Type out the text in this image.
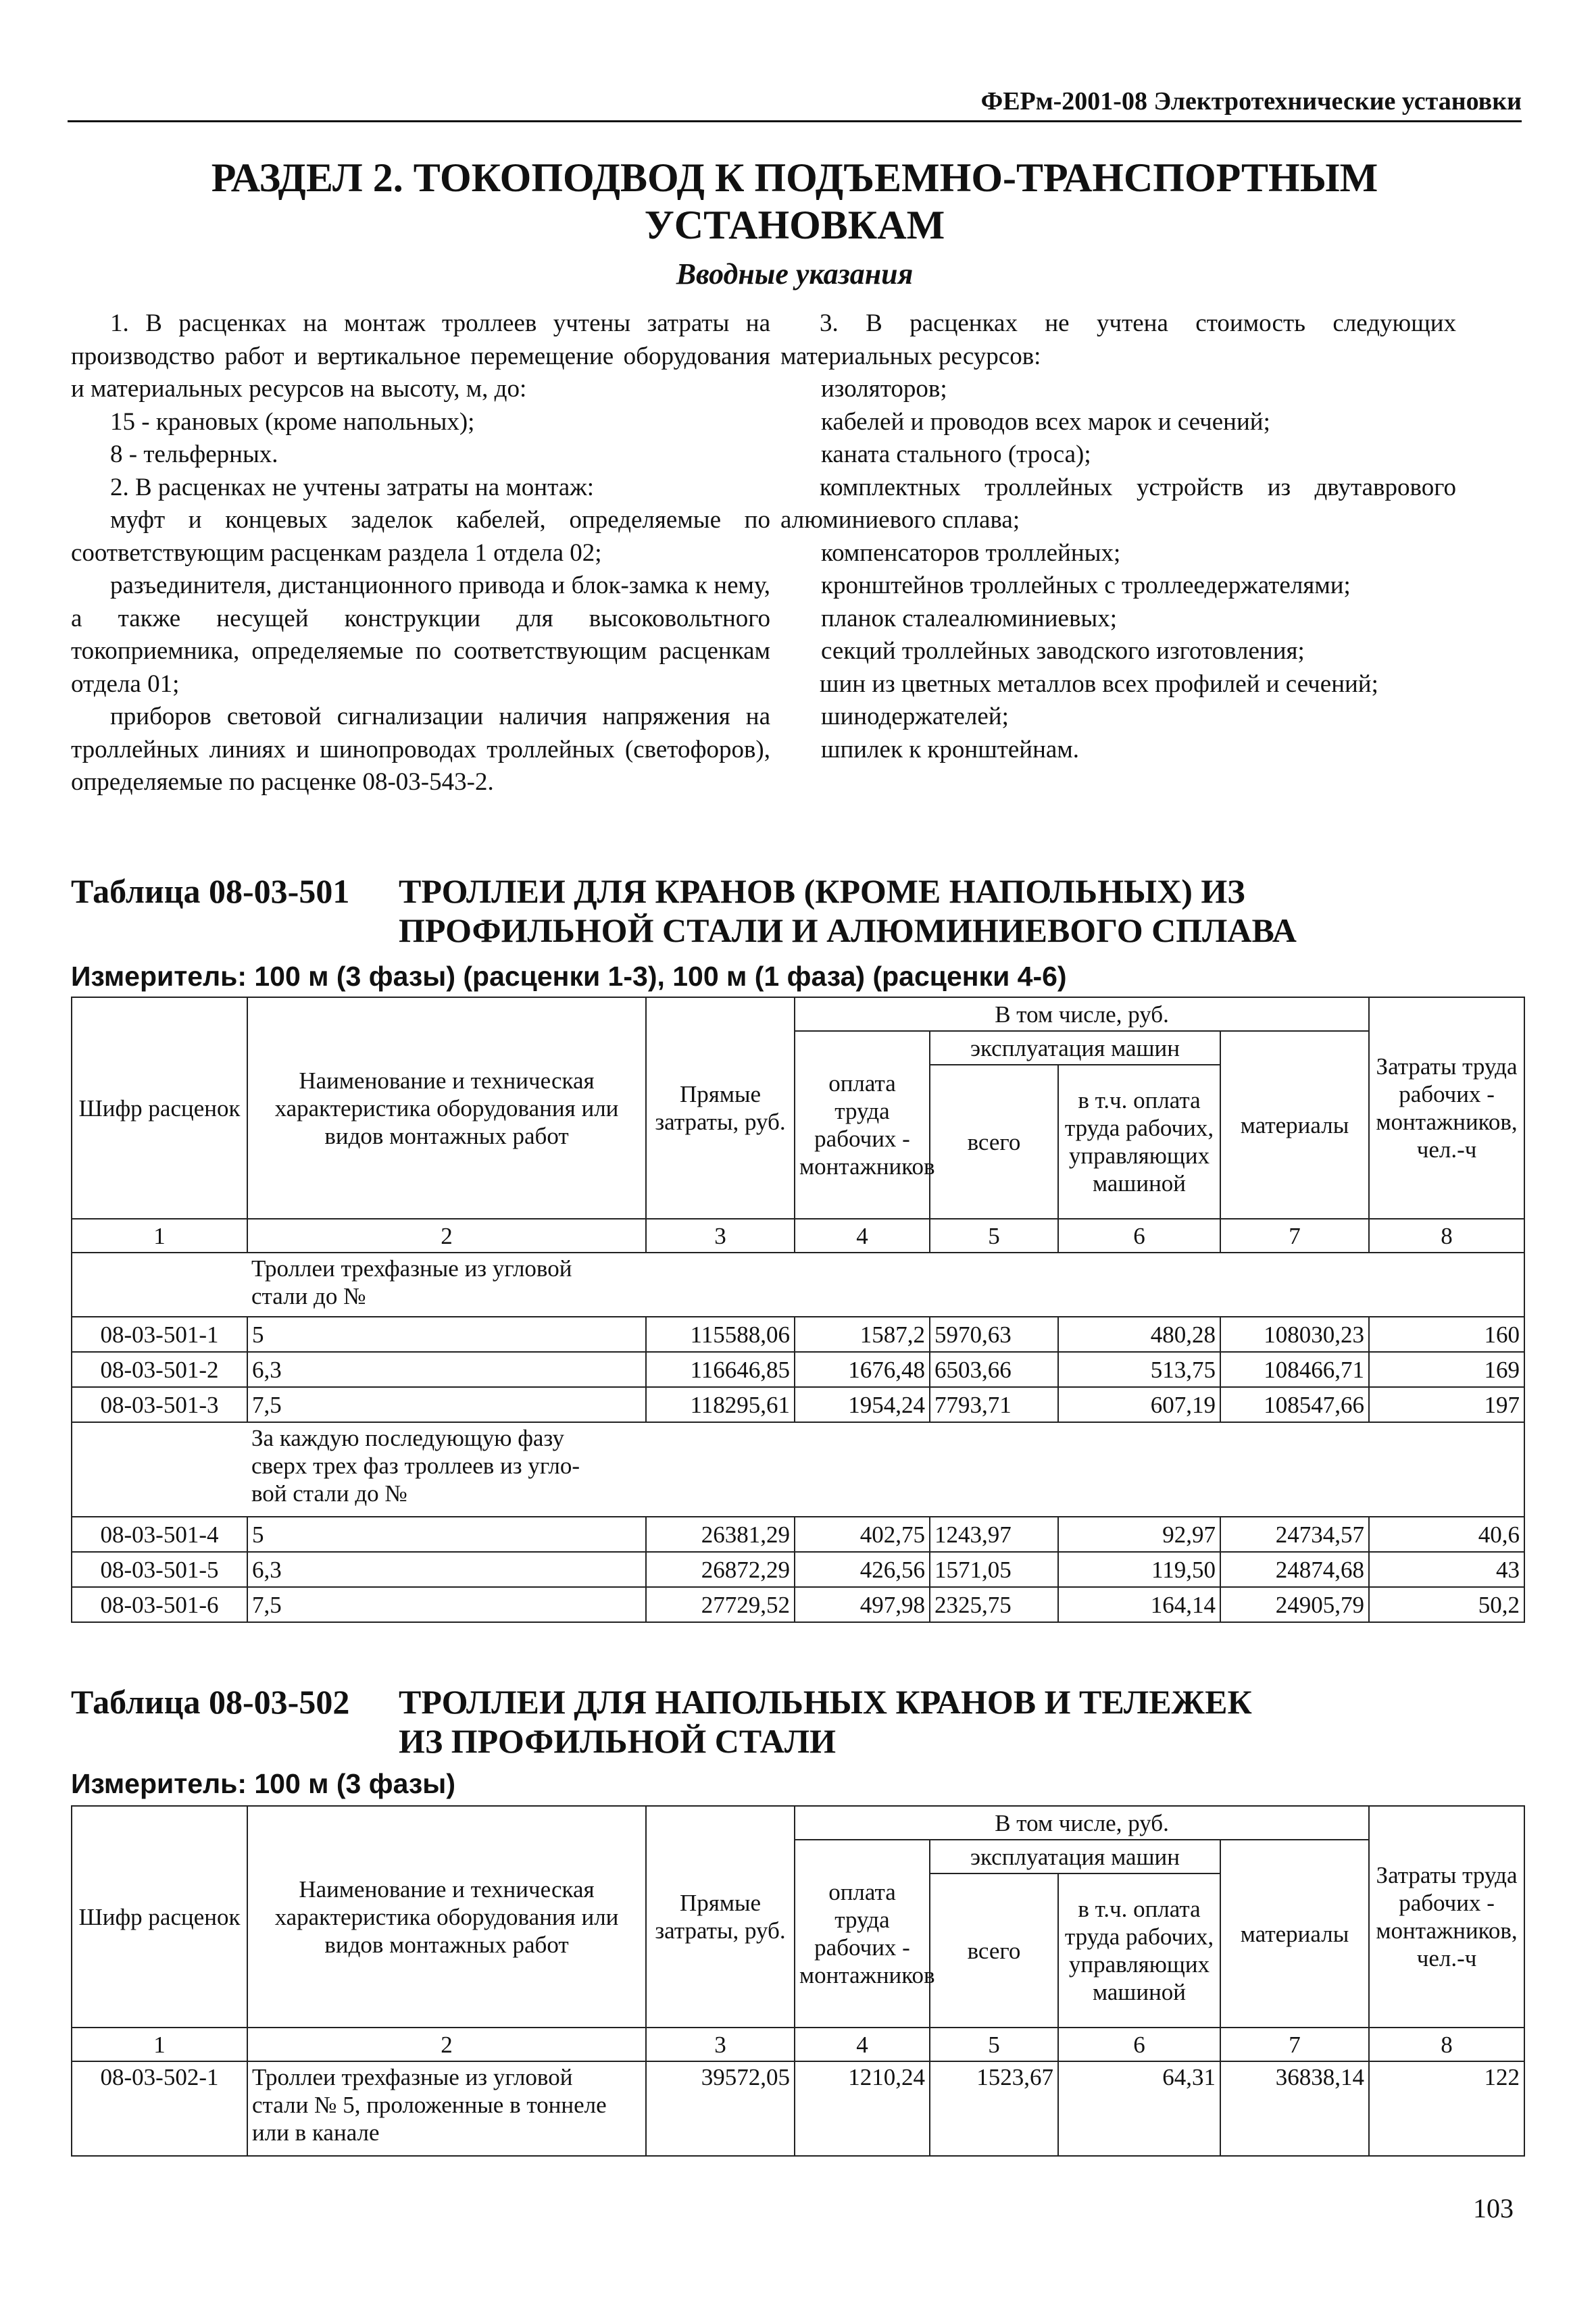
ФЕРм-2001-08 Электротехнические установки
РАЗДЕЛ 2. ТОКОПОДВОД К ПОДЪЕМНО-ТРАНСПОРТНЫМ
УСТАНОВКАМ
Вводные указания

1. В расценках на монтаж троллеев учтены затраты на производство работ и вертикальное перемещение оборудования и материальных ресурсов на высоту, м, до:

15 - крановых (кроме напольных);

8 - тельферных.

2. В расценках не учтены затраты на монтаж:

муфт и концевых заделок кабелей, определяемые по соответствующим расценкам раздела 1 отдела 02;

разъединителя, дистанционного привода и блок-замка к нему, а также несущей конструкции для высоковольтного токоприемника, определяемые по соответствующим расценкам отдела 01;

приборов световой сигнализации наличия напряжения на троллейных линиях и шинопроводах троллейных (светофоров), определяемые по расценке 08-03-543-2.

3. В расценках не учтена стоимость следующих материальных ресурсов:

изоляторов;

кабелей и проводов всех марок и сечений;

каната стального (троса);

комплектных троллейных устройств из двутаврового алюминиевого сплава;

компенсаторов троллейных;

кронштейнов троллейных с троллеедержателями;

планок сталеалюминиевых;

секций троллейных заводского изготовления;

шин из цветных металлов всех профилей и сечений;

шинодержателей;

шпилек к кронштейнам.

Таблица 08-03-501 ТРОЛЛЕИ ДЛЯ КРАНОВ (КРОМЕ НАПОЛЬНЫХ) ИЗ
ПРОФИЛЬНОЙ СТАЛИ И АЛЮМИНИЕВОГО СПЛАВА
Измеритель: 100 м (3 фазы) (расценки 1-3), 100 м (1 фаза) (расценки 4-6)
Шифр расценок	Наименование и техническая характеристика оборудования или видов монтажных работ	Прямые затраты, руб.	В том числе, руб.				Затраты труда рабочих - монтажников, чел.-ч
			оплата труда рабочих - монтажников	эксплуатация машин		материалы	
				всего	в т.ч. оплата труда рабочих, управляющих машиной		
1	2	3	4	5	6	7	8

	Троллеи трехфазные из угловой
стали до №						

08-03-501-1	5	115588,06	1587,2	5970,63	480,28	108030,23	160
08-03-501-2	6,3	116646,85	1676,48	6503,66	513,75	108466,71	169
08-03-501-3	7,5	118295,61	1954,24	7793,71	607,19	108547,66	197

	За каждую последующую фазу
сверх трех фаз троллеев из угло-
вой стали до №						

08-03-501-4	5	26381,29	402,75	1243,97	92,97	24734,57	40,6
08-03-501-5	6,3	26872,29	426,56	1571,05	119,50	24874,68	43
08-03-501-6	7,5	27729,52	497,98	2325,75	164,14	24905,79	50,2
Таблица 08-03-502 ТРОЛЛЕИ ДЛЯ НАПОЛЬНЫХ КРАНОВ И ТЕЛЕЖЕК
ИЗ ПРОФИЛЬНОЙ СТАЛИ
Измеритель: 100 м (3 фазы)
Шифр расценок	Наименование и техническая характеристика оборудования или видов монтажных работ	Прямые затраты, руб.	В том числе, руб.				Затраты труда рабочих - монтажников, чел.-ч
			оплата труда рабочих - монтажников	эксплуатация машин		материалы	
				всего	в т.ч. оплата труда рабочих, управляющих машиной		
1	2	3	4	5	6	7	8
08-03-502-1	Троллеи трехфазные из угловой
стали № 5, проложенные в тоннеле
или в канале	39572,05	1210,24	1523,67	64,31	36838,14	122
103
